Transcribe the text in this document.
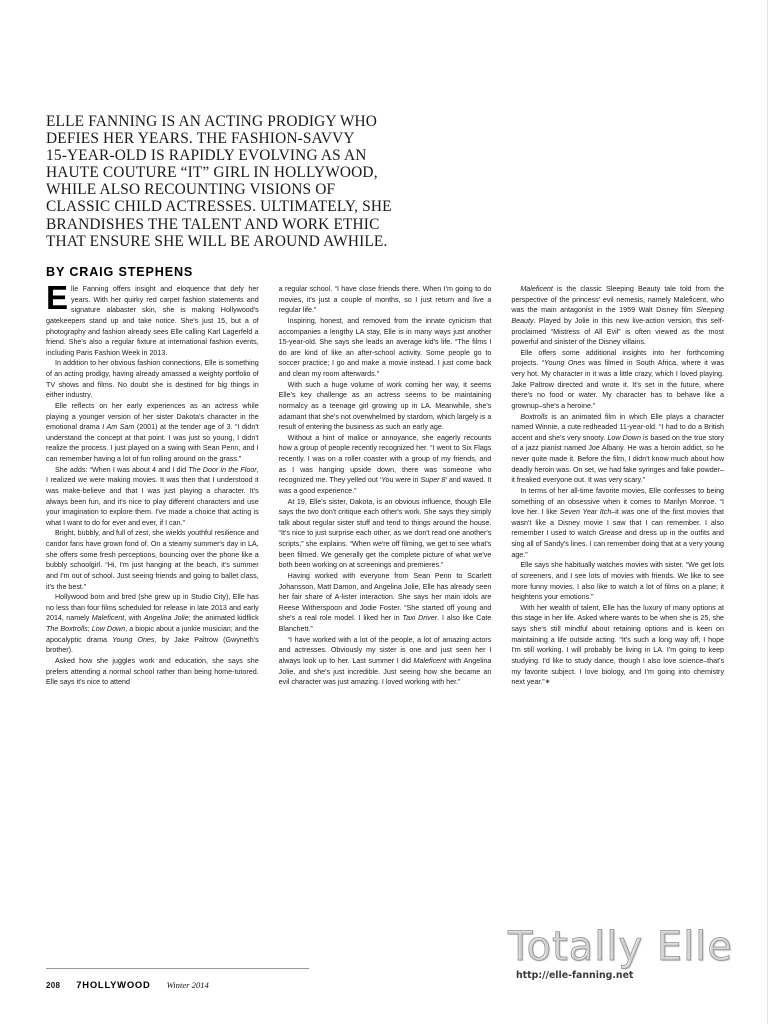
ELLE FANNING IS AN ACTING PRODIGY WHO
DEFIES HER YEARS. THE FASHION-SAVVY
15-YEAR-OLD IS RAPIDLY EVOLVING AS AN
HAUTE COUTURE “IT” GIRL IN HOLLYWOOD,
WHILE ALSO RECOUNTING VISIONS OF
CLASSIC CHILD ACTRESSES. ULTIMATELY, SHE
BRANDISHES THE TALENT AND WORK ETHIC
THAT ENSURE SHE WILL BE AROUND AWHILE.
BY CRAIG STEPHENS

Elle Fanning offers insight and eloquence that defy her years. With her quirky red carpet fashion statements and signature alabaster skin, she is making Hollywood's gatekeepers stand up and take notice. She's just 15, but a of photography and fashion already sees Elle calling Karl Lagerfeld a friend. She's also a regular fixture at international fashion events, including Paris Fashion Week in 2013.

In addition to her obvious fashion connections, Elle is something of an acting prodigy, having already amassed a weighty portfolio of TV shows and films. No doubt she is destined for big things in either industry.

Elle reflects on her early experiences as an actress while playing a younger version of her sister Dakota's character in the emotional drama I Am Sam (2001) at the tender age of 3. “I didn't understand the concept at that point. I was just so young, I didn't realize the process. I just played on a swing with Sean Penn, and I can remember having a lot of fun rolling around on the grass.”

She adds: “When I was about 4 and I did The Door in the Floor, I realized we were making movies. It was then that I understood it was make-believe and that I was just playing a character. It's always been fun, and it's nice to play different characters and use your imagination to explore them. I've made a choice that acting is what I want to do for ever and ever, if I can.”

Bright, bubbly, and full of zest, she wields youthful resilience and candor fans have grown fond of. On a steamy summer's day in LA, she offers some fresh perceptions, bouncing over the phone like a bubbly schoolgirl. “Hi, I'm just hanging at the beach, it's summer and I'm out of school. Just seeing friends and going to ballet class, it's the best.”

Hollywood born and bred (she grew up in Studio City), Elle has no less than four films scheduled for release in late 2013 and early 2014, namely Maleficent, with Angelina Jolie; the animated kidflick The Boxtrolls; Low Down, a biopic about a junkie musician; and the apocalyptic drama Young Ones, by Jake Paltrow (Gwyneth's brother).

Asked how she juggles work and education, she says she prefers attending a normal school rather than being home-tutored. Elle says it's nice to attend

a regular school. “I have close friends there. When I'm going to do movies, it's just a couple of months, so I just return and live a regular life.”

Inspiring, honest, and removed from the innate cynicism that accompanies a lengthy LA stay, Elle is in many ways just another 15-year-old. She says she leads an average kid's life. “The films I do are kind of like an after-school activity. Some people go to soccer practice; I go and make a movie instead. I just come back and clean my room afterwards.”

With such a huge volume of work coming her way, it seems Elle's key challenge as an actress seems to be maintaining normalcy as a teenage girl growing up in LA. Meanwhile, she's adamant that she's not overwhelmed by stardom, which largely is a result of entering the business as such an early age.

Without a hint of malice or annoyance, she eagerly recounts how a group of people recently recognized her. “I went to Six Flags recently. I was on a roller coaster with a group of my friends, and as I was hanging upside down, there was someone who recognized me. They yelled out ‘You were in Super 8’ and waved. It was a good experience.”

At 19, Elle's sister, Dakota, is an obvious influence, though Elle says the two don't critique each other's work. She says they simply talk about regular sister stuff and tend to things around the house. “It's nice to just surprise each other, as we don't read one another's scripts,” she explains. “When we're off filming, we get to see what's been filmed. We generally get the complete picture of what we've both been working on at screenings and premieres.”

Having worked with everyone from Sean Penn to Scarlett Johansson, Matt Damon, and Angelina Jolie, Elle has already seen her fair share of A-lister interaction. She says her main idols are Reese Witherspoon and Jodie Foster. “She started off young and she's a real role model. I liked her in Taxi Driver. I also like Cate Blanchett.”

“I have worked with a lot of the people, a lot of amazing actors and actresses. Obviously my sister is one and just seen her I always look up to her. Last summer I did Maleficent with Angelina Jolie, and she's just incredible. Just seeing how she became an evil character was just amazing. I loved working with her.”

Maleficent is the classic Sleeping Beauty tale told from the perspective of the princess' evil nemesis, namely Maleficent, who was the main antagonist in the 1959 Walt Disney film Sleeping Beauty. Played by Jolie in this new live-action version, this self-proclaimed “Mistress of All Evil” is often viewed as the most powerful and sinister of the Disney villains.

Elle offers some additional insights into her forthcoming projects. “Young Ones was filmed in South Africa, where it was very hot. My character in it was a little crazy, which I loved playing. Jake Paltrow directed and wrote it. It's set in the future, where there's no food or water. My character has to behave like a grownup–she's a heroine.”

Boxtrolls is an animated film in which Elle plays a character named Winnie, a cute redheaded 11-year-old. “I had to do a British accent and she's very snooty. Low Down is based on the true story of a jazz pianist named Joe Albany. He was a heroin addict, so he never quite made it. Before the film, I didn't know much about how deadly heroin was. On set, we had fake syringes and fake powder–it freaked everyone out. It was very scary.”

In terms of her all-time favorite movies, Elle confesses to being something of an obsessive when it comes to Marilyn Monroe. “I love her. I like Seven Year Itch–it was one of the first movies that wasn't like a Disney movie I saw that I can remember. I also remember I used to watch Grease and dress up in the outfits and sing all of Sandy's lines. I can remember doing that at a very young age.”

Elle says she habitually watches movies with sister. “We get lots of screeners, and I see lots of movies with friends. We like to see more funny movies. I also like to watch a lot of films on a plane; it heightens your emotions.”

With her wealth of talent, Elle has the luxury of many options at this stage in her life. Asked where wants to be when she is 25, she says she's still mindful about retaining options and is keen on maintaining a life outside acting. “It's such a long way off, I hope I'm still working. I will probably be living in LA. I'm going to keep studying. I'd like to study dance, though I also love science–that's my favorite subject. I love biology, and I'm going into chemistry next year.”✶

208 7HOLLYWOOD Winter 2014
Totally Elle
http://elle-fanning.net
